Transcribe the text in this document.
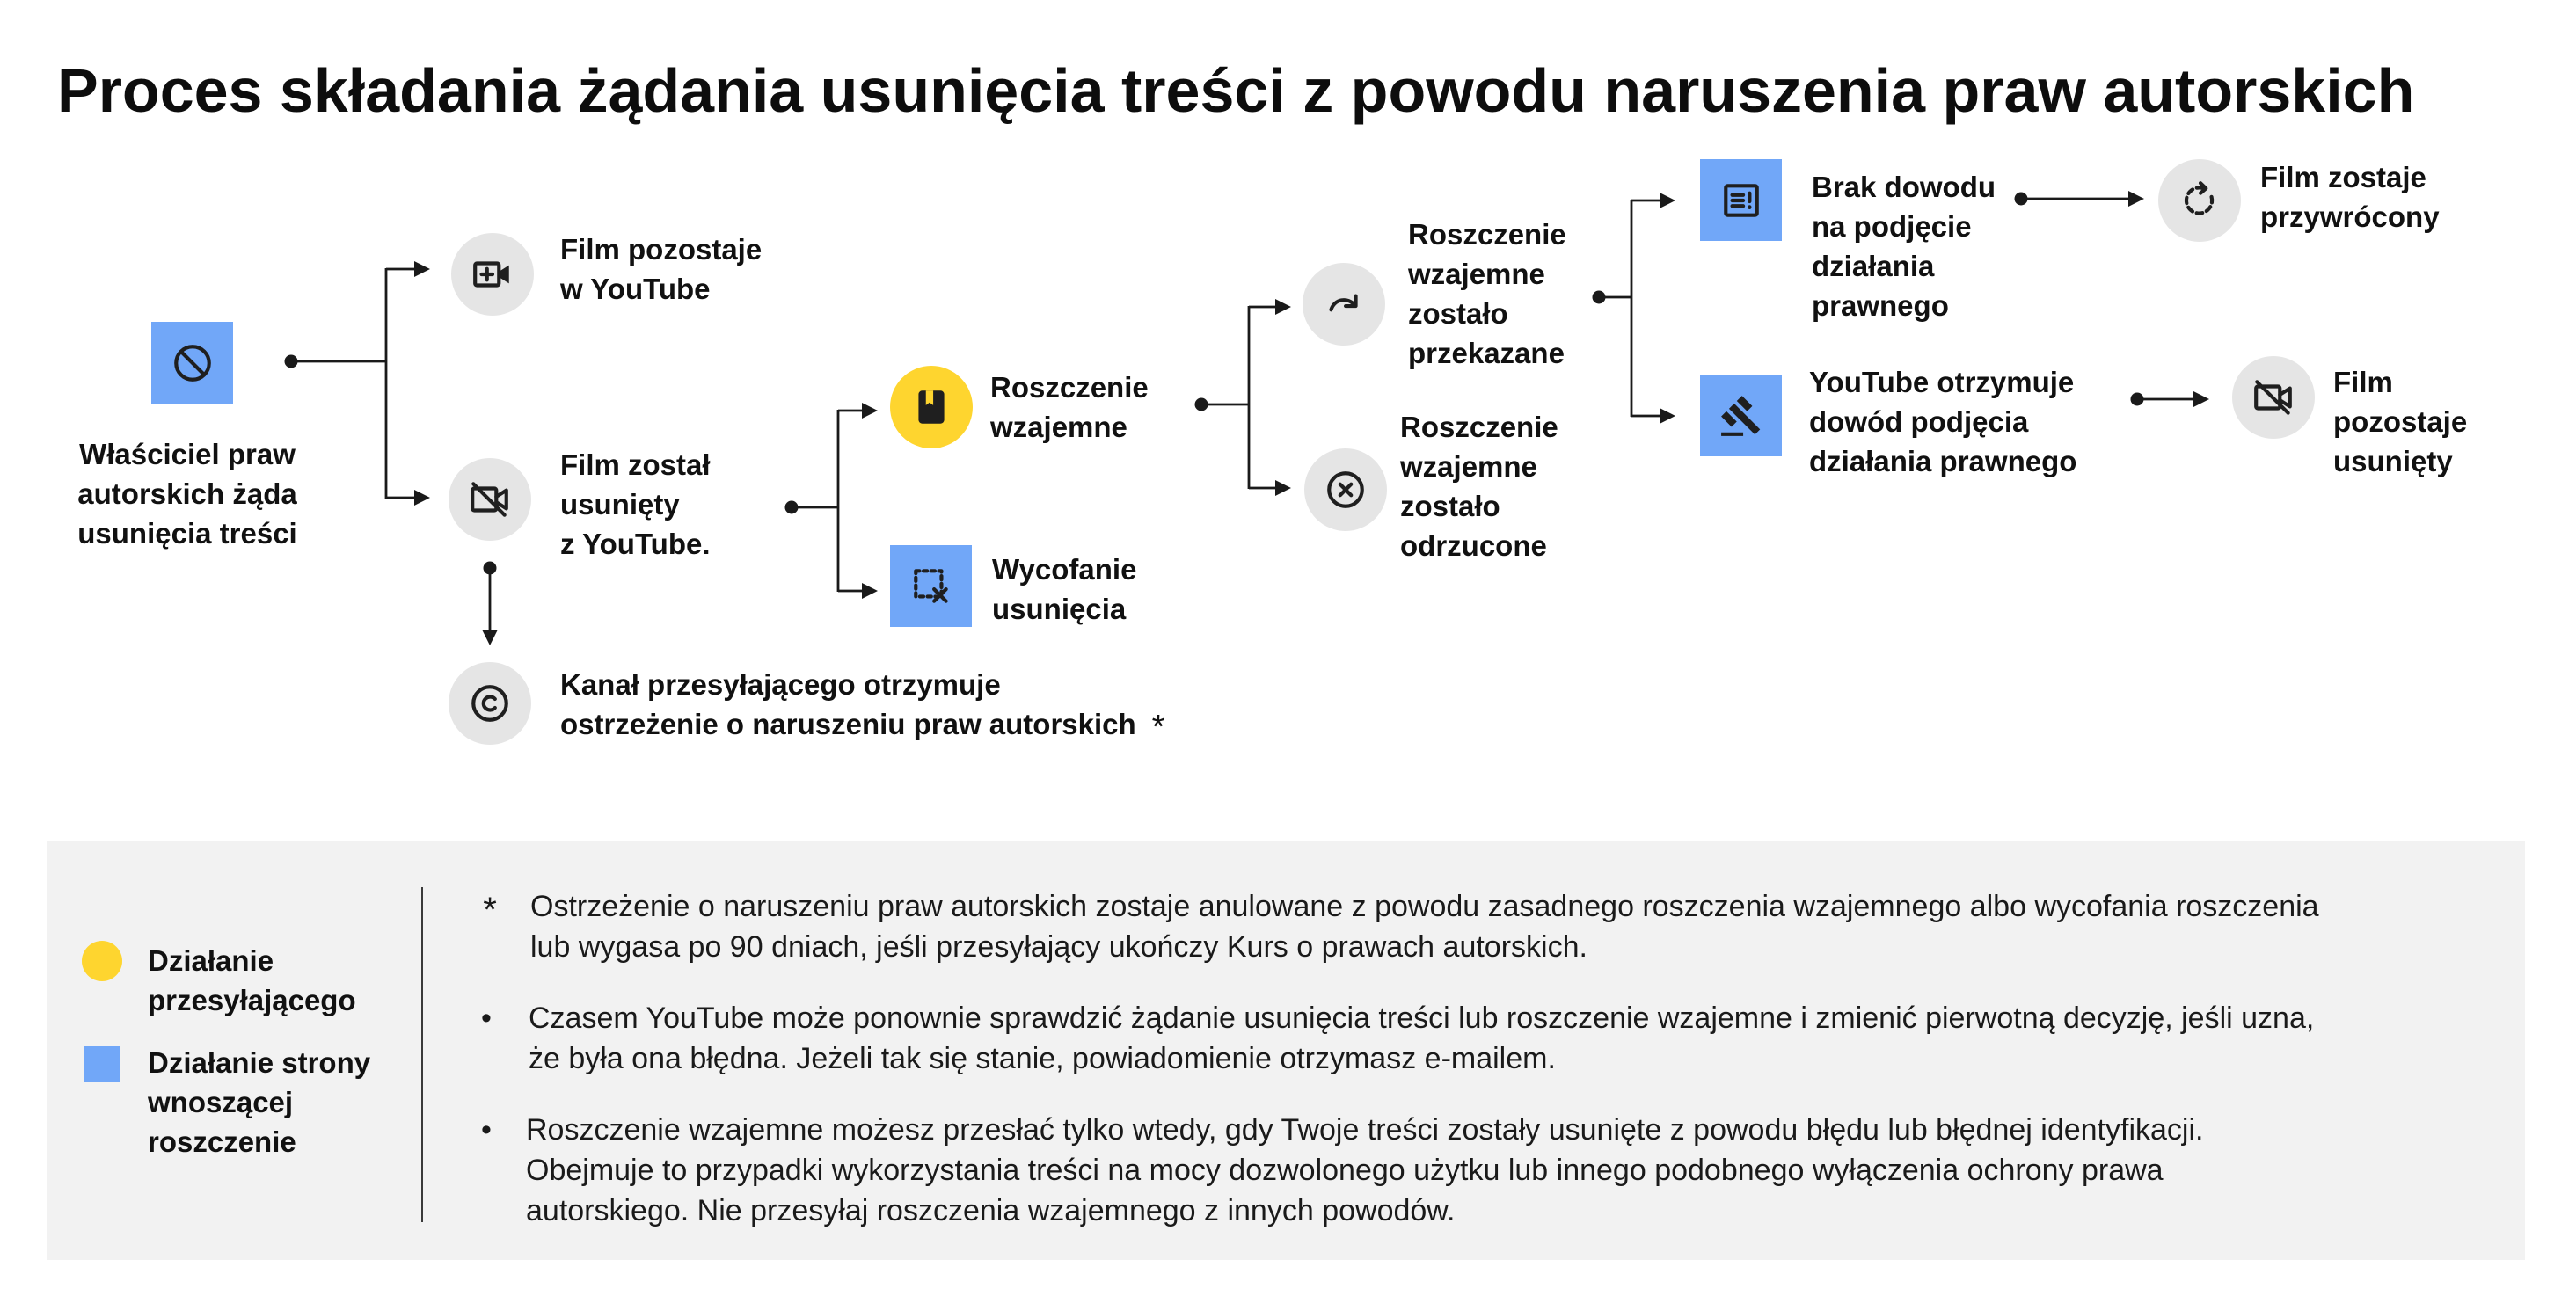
Proces składania żądania usunięcia treści z powodu naruszenia praw autorskich
Właściciel praw
autorskich żąda
usunięcia treści
Film pozostaje
w YouTube
Film został
usunięty
z YouTube.
Kanał przesyłającego otrzymuje
ostrzeżenie o naruszeniu praw autorskich *
Roszczenie
wzajemne
Wycofanie
usunięcia
Roszczenie
wzajemne
zostało
przekazane
Roszczenie
wzajemne
zostało
odrzucone
Brak dowodu
na podjęcie
działania
prawnego
Film zostaje
przywrócony
YouTube otrzymuje
dowód podjęcia
działania prawnego
Film
pozostaje
usunięty
Działanie
przesyłającego
Działanie strony
wnoszącej
roszczenie
* Ostrzeżenie o naruszeniu praw autorskich zostaje anulowane z powodu zasadnego roszczenia wzajemnego albo wycofania roszczenia
lub wygasa po 90 dniach, jeśli przesyłający ukończy Kurs o prawach autorskich.
• Czasem YouTube może ponownie sprawdzić żądanie usunięcia treści lub roszczenie wzajemne i zmienić pierwotną decyzję, jeśli uzna,
że była ona błędna. Jeżeli tak się stanie, powiadomienie otrzymasz e-mailem.
• Roszczenie wzajemne możesz przesłać tylko wtedy, gdy Twoje treści zostały usunięte z powodu błędu lub błędnej identyfikacji.
Obejmuje to przypadki wykorzystania treści na mocy dozwolonego użytku lub innego podobnego wyłączenia ochrony prawa
autorskiego. Nie przesyłaj roszczenia wzajemnego z innych powodów.
